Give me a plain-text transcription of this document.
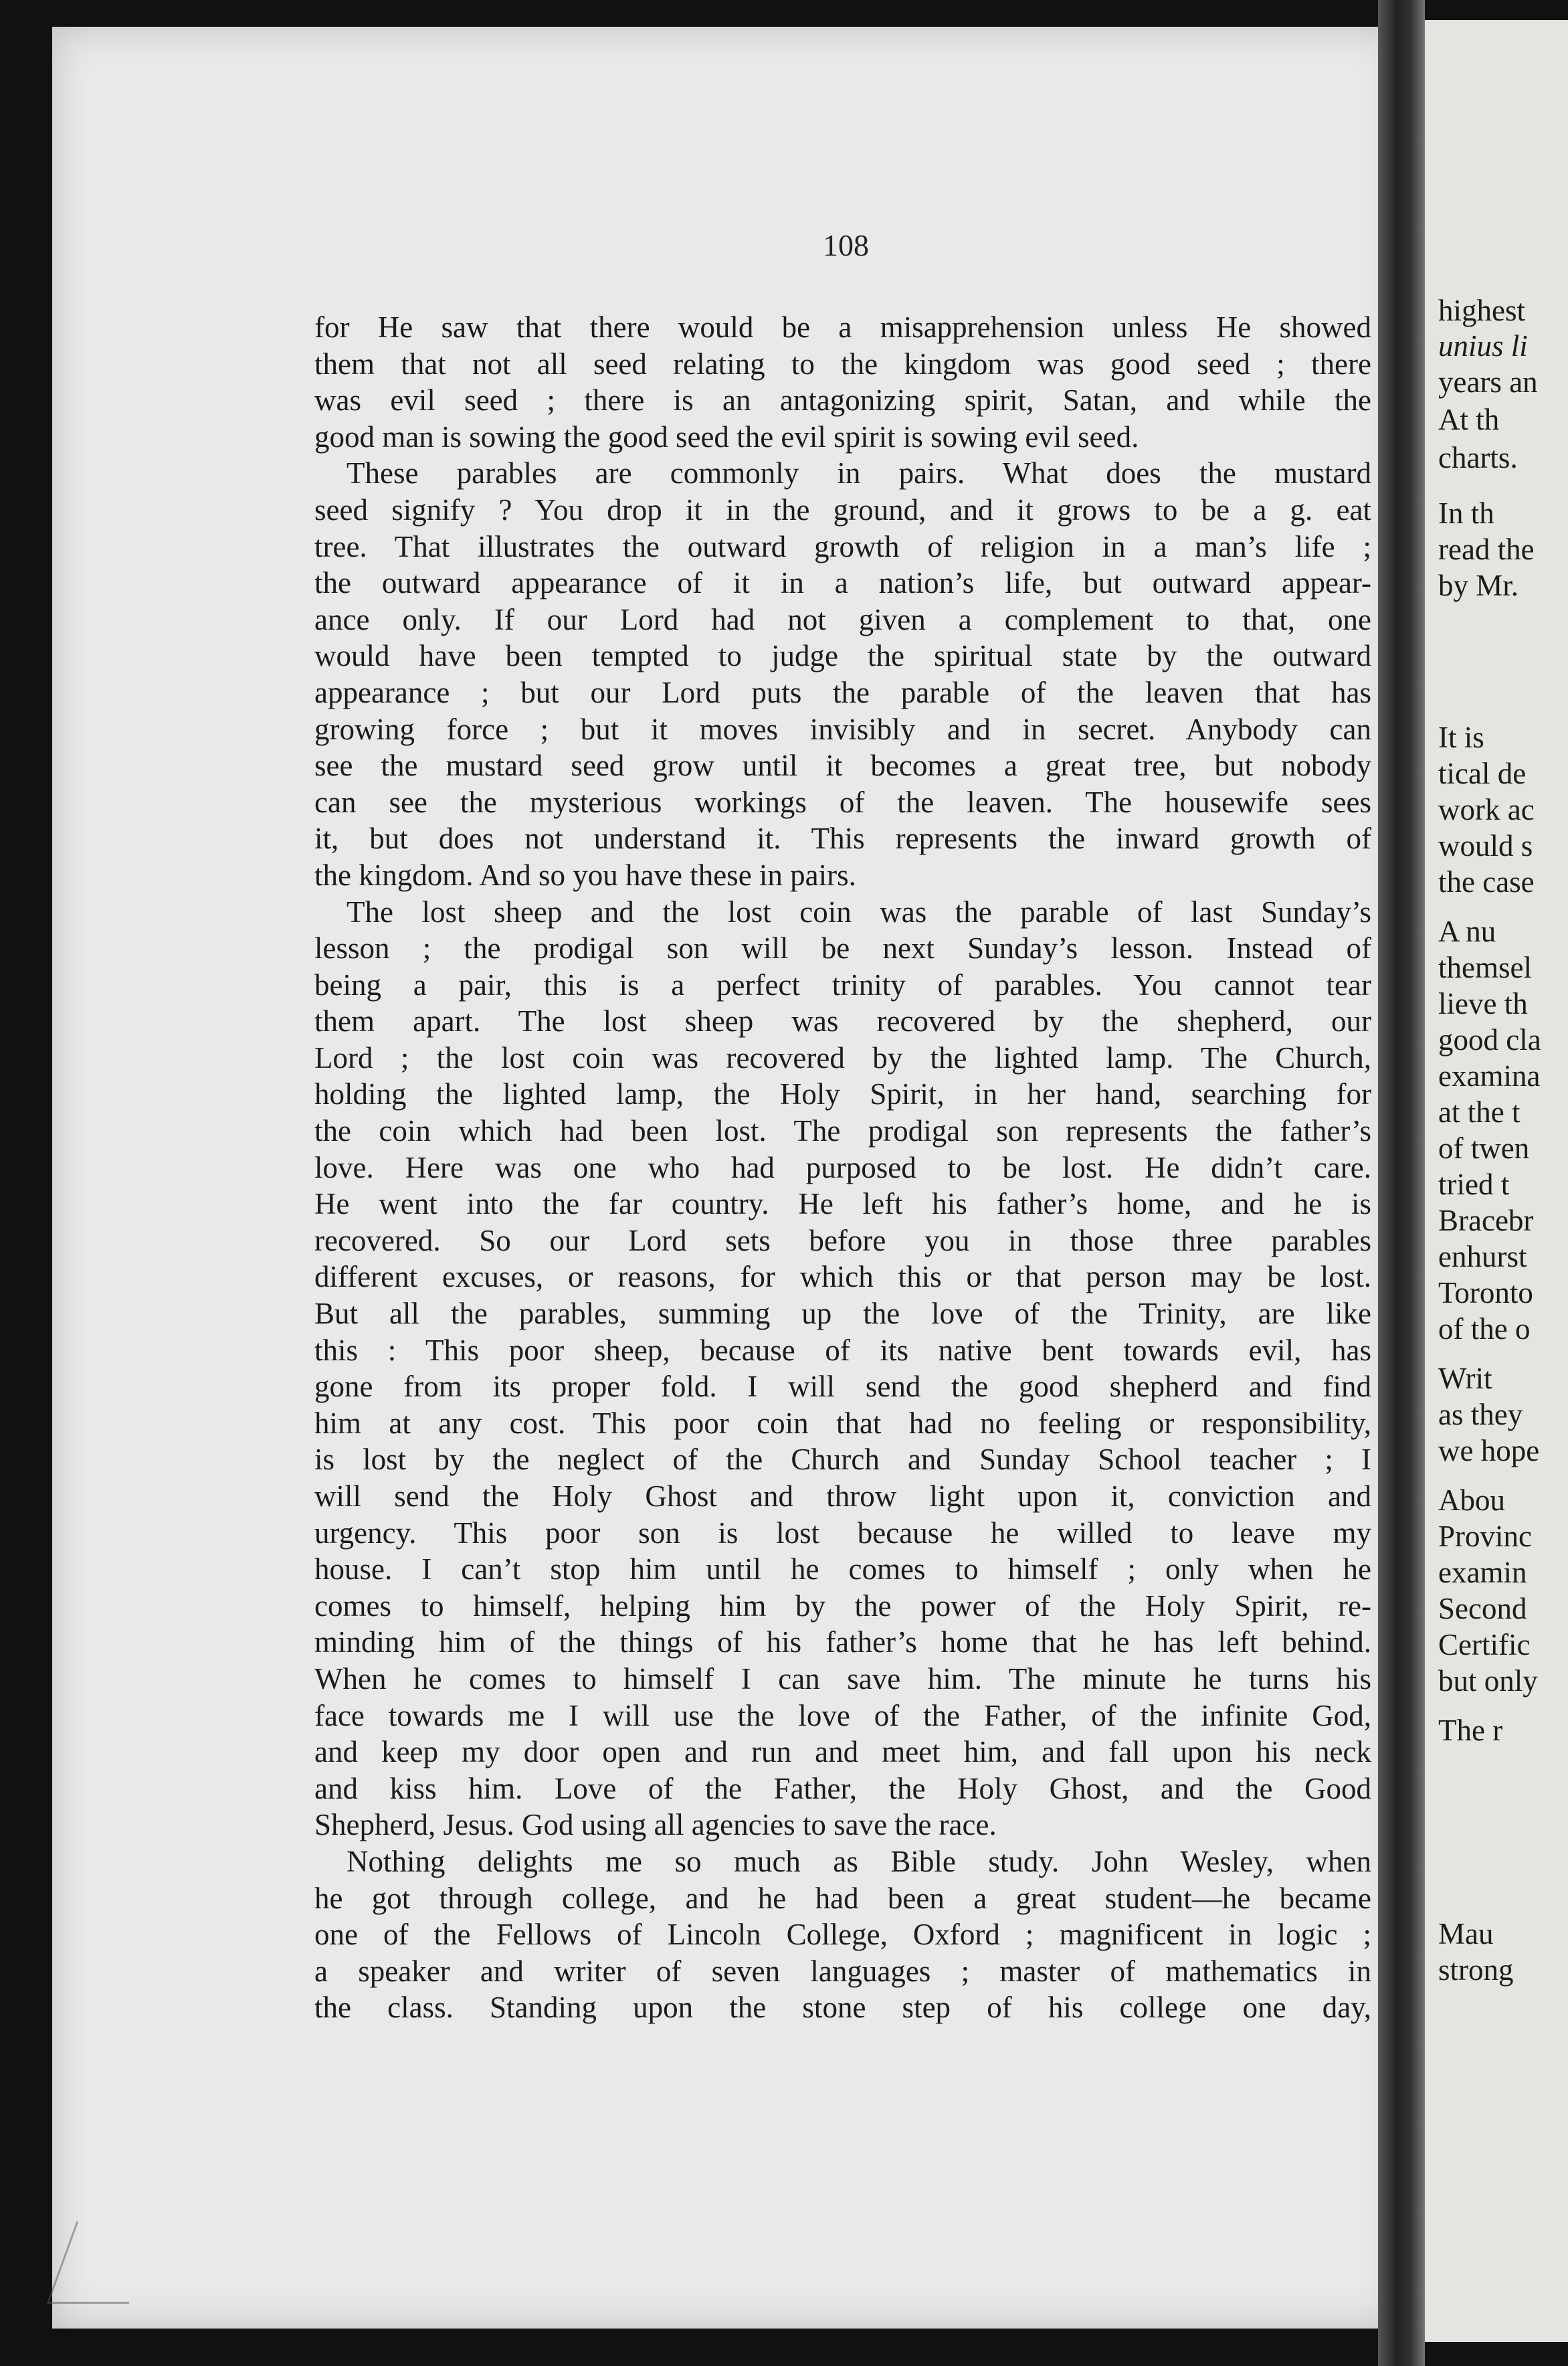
highest
unius li
years an
At th
charts.
In th
read the
by Mr.
It is
tical de
work ac
would s
the case
A nu
themsel
lieve th
good cla
examina
at the t
of twen
tried t
Bracebr
enhurst
Toronto
of the o
Writ
as they
we hope
Abou
Provinc
examin
Second
Certific
but only
The r
Mau
strong
108
for He saw that there would be a misapprehension unless He showed
them that not all seed relating to the kingdom was good seed ; there
was evil seed ; there is an antagonizing spirit, Satan, and while the
good man is sowing the good seed the evil spirit is sowing evil seed.
These parables are commonly in pairs. What does the mustard
seed signify ? You drop it in the ground, and it grows to be a g. eat
tree. That illustrates the outward growth of religion in a man’s life ;
the outward appearance of it in a nation’s life, but outward appear-
ance only. If our Lord had not given a complement to that, one
would have been tempted to judge the spiritual state by the outward
appearance ; but our Lord puts the parable of the leaven that has
growing force ; but it moves invisibly and in secret. Anybody can
see the mustard seed grow until it becomes a great tree, but nobody
can see the mysterious workings of the leaven. The housewife sees
it, but does not understand it. This represents the inward growth of
the kingdom. And so you have these in pairs.
The lost sheep and the lost coin was the parable of last Sunday’s
lesson ; the prodigal son will be next Sunday’s lesson. Instead of
being a pair, this is a perfect trinity of parables. You cannot tear
them apart. The lost sheep was recovered by the shepherd, our
Lord ; the lost coin was recovered by the lighted lamp. The Church,
holding the lighted lamp, the Holy Spirit, in her hand, searching for
the coin which had been lost. The prodigal son represents the father’s
love. Here was one who had purposed to be lost. He didn’t care.
He went into the far country. He left his father’s home, and he is
recovered. So our Lord sets before you in those three parables
different excuses, or reasons, for which this or that person may be lost.
But all the parables, summing up the love of the Trinity, are like
this : This poor sheep, because of its native bent towards evil, has
gone from its proper fold. I will send the good shepherd and find
him at any cost. This poor coin that had no feeling or responsibility,
is lost by the neglect of the Church and Sunday School teacher ; I
will send the Holy Ghost and throw light upon it, conviction and
urgency. This poor son is lost because he willed to leave my
house. I can’t stop him until he comes to himself ; only when he
comes to himself, helping him by the power of the Holy Spirit, re-
minding him of the things of his father’s home that he has left behind.
When he comes to himself I can save him. The minute he turns his
face towards me I will use the love of the Father, of the infinite God,
and keep my door open and run and meet him, and fall upon his neck
and kiss him. Love of the Father, the Holy Ghost, and the Good
Shepherd, Jesus. God using all agencies to save the race.
Nothing delights me so much as Bible study. John Wesley, when
he got through college, and he had been a great student—he became
one of the Fellows of Lincoln College, Oxford ; magnificent in logic ;
a speaker and writer of seven languages ; master of mathematics in
the class. Standing upon the stone step of his college one day,
